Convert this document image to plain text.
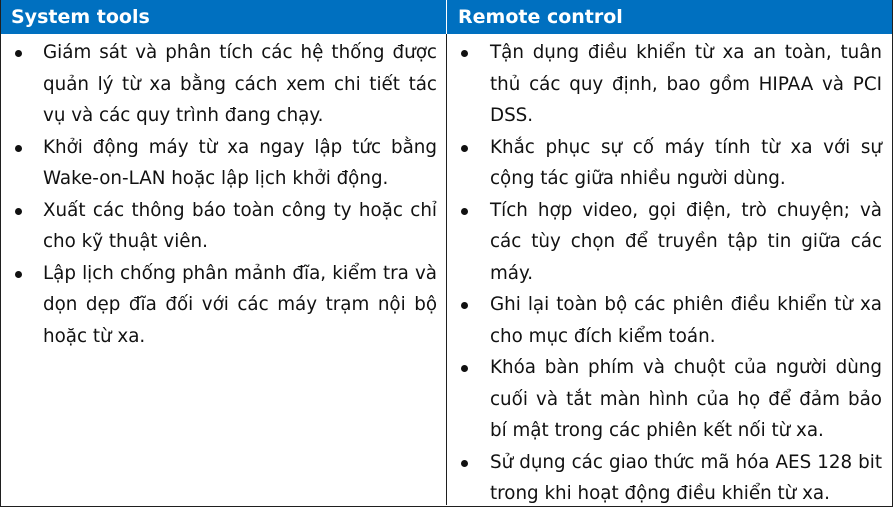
System tools	Remote control
Giám sát và phân tích các hệ thống được quản lý từ xa bằng cách xem chi tiết tác vụ và các quy trình đang chạy.
Khởi động máy từ xa ngay lập tức bằng Wake-on-LAN hoặc lập lịch khởi động.
Xuất các thông báo toàn công ty hoặc chỉ cho kỹ thuật viên.
Lập lịch chống phân mảnh đĩa, kiểm tra và dọn dẹp đĩa đối với các máy trạm nội bộ hoặc từ xa.
Tận dụng điều khiển từ xa an toàn, tuân thủ các quy định, bao gồm HIPAA và PCI DSS.
Khắc phục sự cố máy tính từ xa với sự cộng tác giữa nhiều người dùng.
Tích hợp video, gọi điện, trò chuyện; và các tùy chọn để truyền tập tin giữa các máy.
Ghi lại toàn bộ các phiên điều khiển từ xa cho mục đích kiểm toán.
Khóa bàn phím và chuột của người dùng cuối và tắt màn hình của họ để đảm bảo bí mật trong các phiên kết nối từ xa.
Sử dụng các giao thức mã hóa AES 128 bit trong khi hoạt động điều khiển từ xa.
